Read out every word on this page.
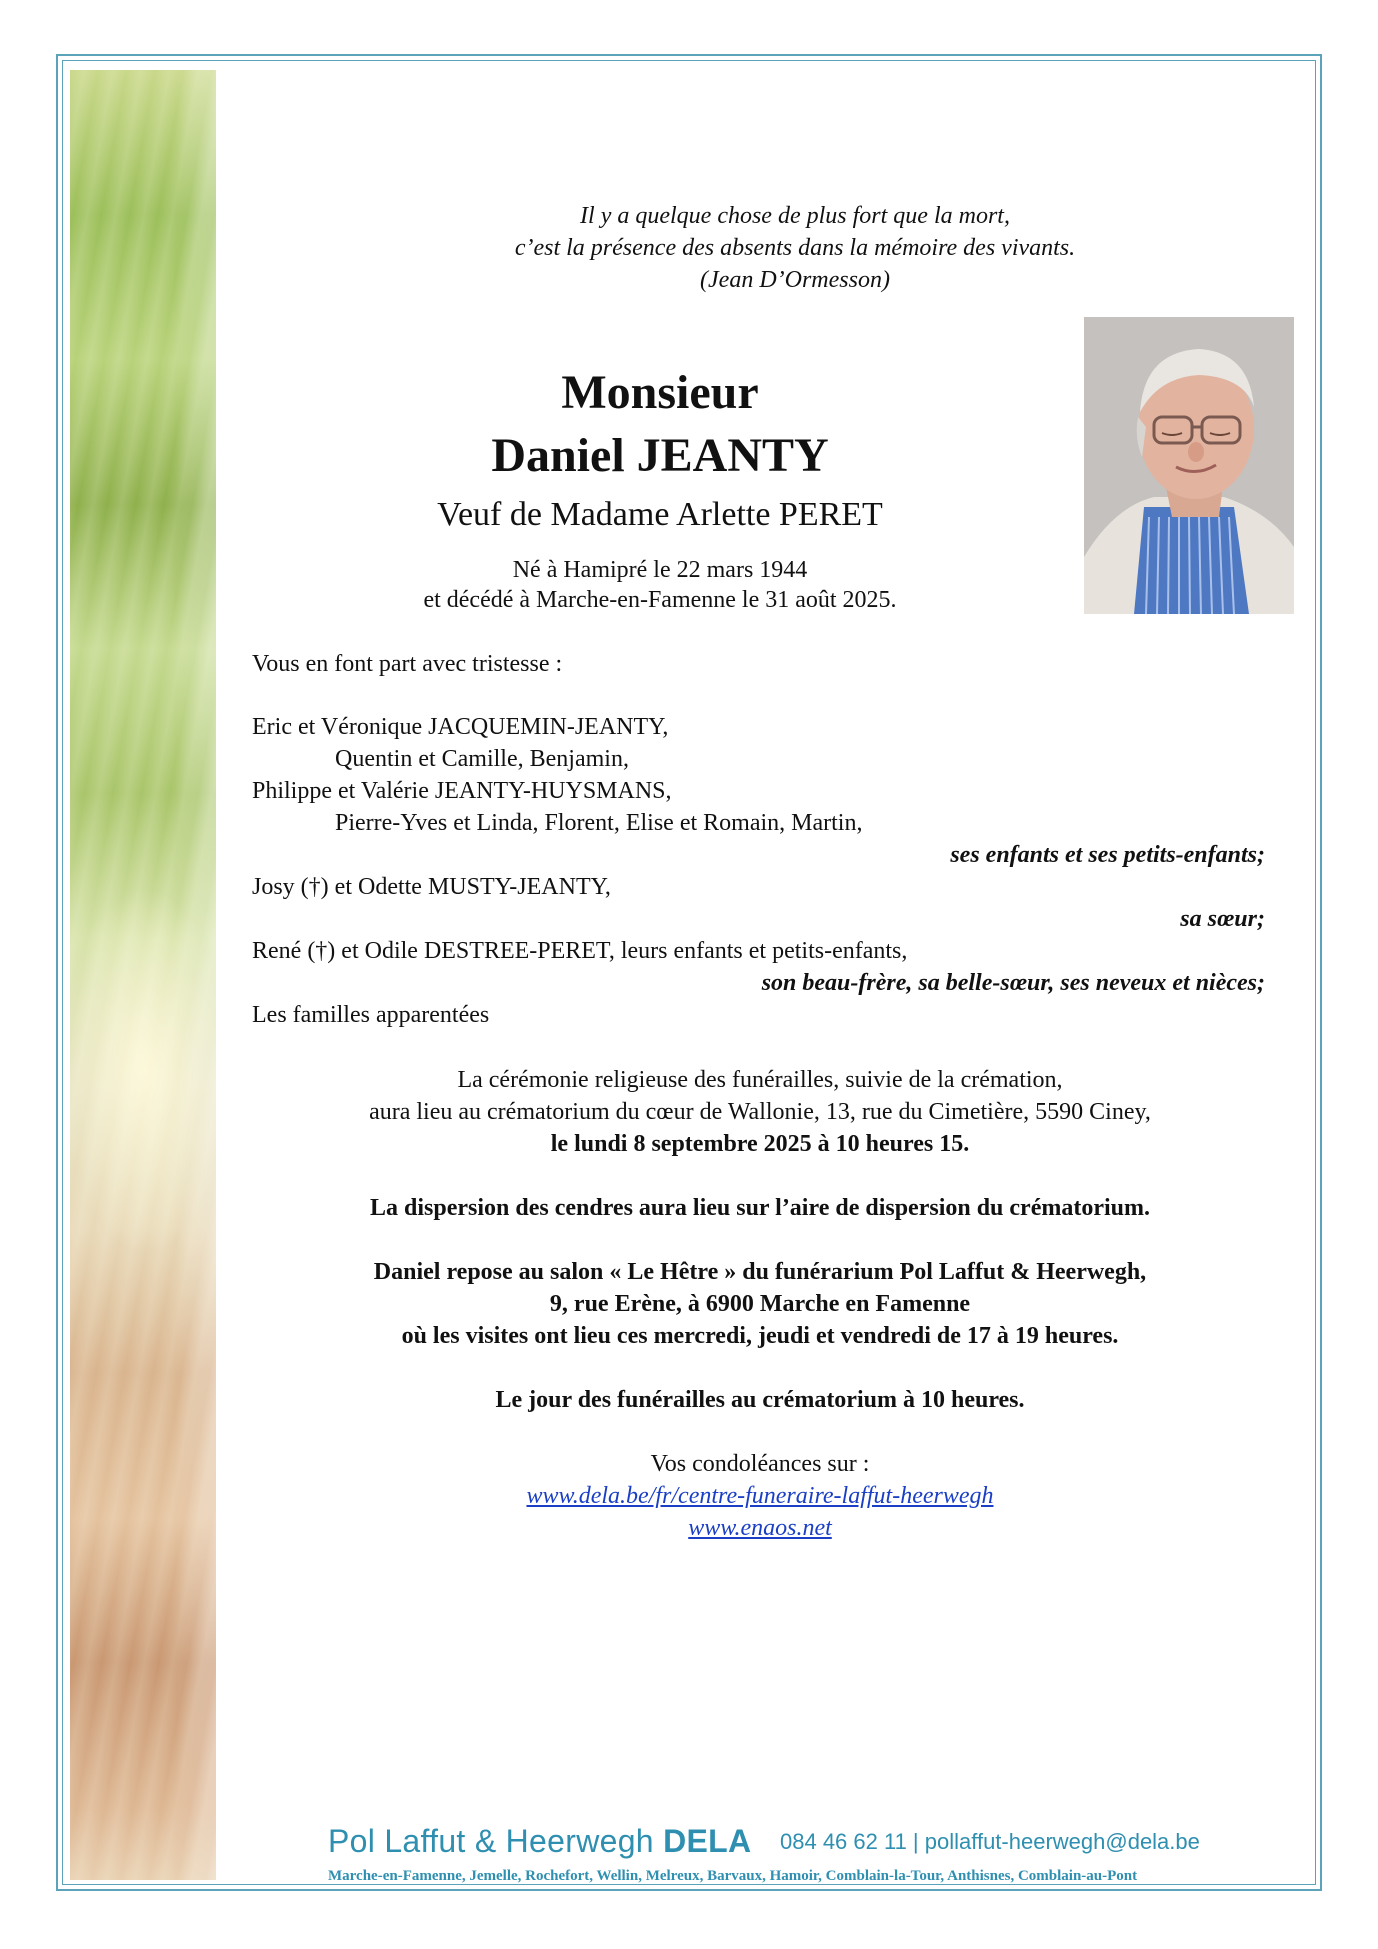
Il y a quelque chose de plus fort que la mort,
c’est la présence des absents dans la mémoire des vivants.
(Jean D’Ormesson)
Monsieur
Daniel JEANTY
Veuf de Madame Arlette PERET
Né à Hamipré le 22 mars 1944
et décédé à Marche-en-Famenne le 31 août 2025.
Vous en font part avec tristesse :
Eric et Véronique JACQUEMIN-JEANTY,
Quentin et Camille, Benjamin,
Philippe et Valérie JEANTY-HUYSMANS,
Pierre-Yves et Linda, Florent, Elise et Romain, Martin,
ses enfants et ses petits-enfants;
Josy (†) et Odette MUSTY-JEANTY,
sa sœur;
René (†) et Odile DESTREE-PERET, leurs enfants et petits-enfants,
son beau-frère, sa belle-sœur, ses neveux et nièces;
Les familles apparentées
La cérémonie religieuse des funérailles, suivie de la crémation,
aura lieu au crématorium du cœur de Wallonie, 13, rue du Cimetière, 5590 Ciney,
le lundi 8 septembre 2025 à 10 heures 15.
La dispersion des cendres aura lieu sur l’aire de dispersion du crématorium.
Daniel repose au salon « Le Hêtre » du funérarium Pol Laffut & Heerwegh,
9, rue Erène, à 6900 Marche en Famenne
où les visites ont lieu ces mercredi, jeudi et vendredi de 17 à 19 heures.
Le jour des funérailles au crématorium à 10 heures.
Vos condoléances sur :
www.dela.be/fr/centre-funeraire-laffut-heerwegh
www.enaos.net
Pol Laffut & Heerwegh DELA 084 46 62 11 | pollaffut-heerwegh@dela.be
Marche-en-Famenne, Jemelle, Rochefort, Wellin, Melreux, Barvaux, Hamoir, Comblain-la-Tour, Anthisnes, Comblain-au-Pont
